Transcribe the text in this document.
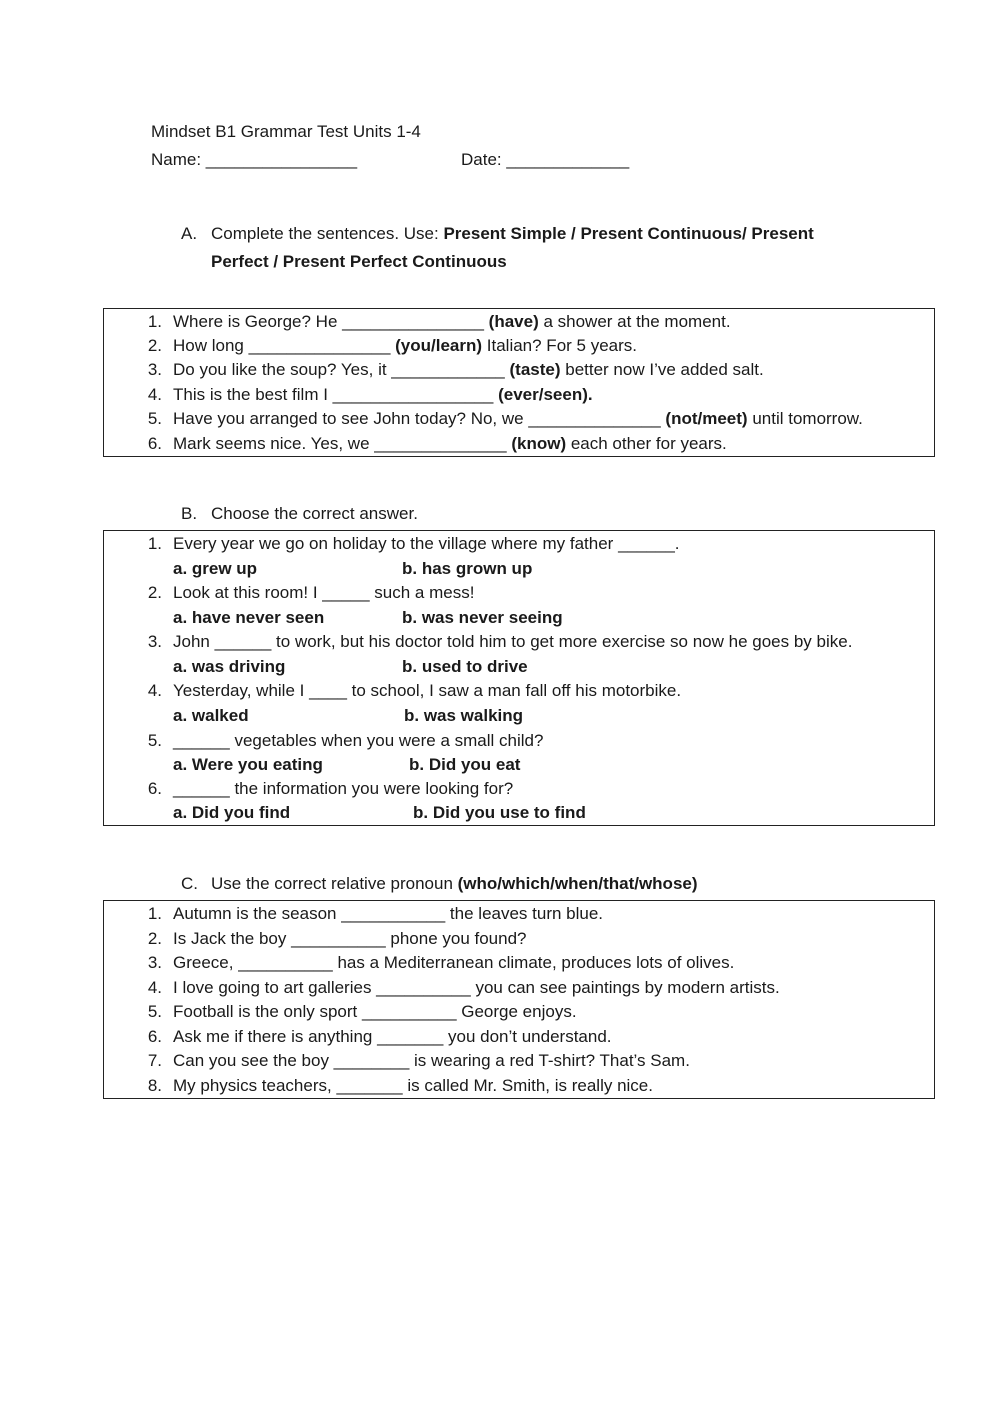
Mindset B1 Grammar Test Units 1-4
Name: ________________	Date: _____________
A. Complete the sentences. Use: Present Simple / Present Continuous/ Present
Perfect / Present Perfect Continuous
1. Where is George? He _______________ (have) a shower at the moment.
2. How long _______________ (you/learn) Italian? For 5 years.
3. Do you like the soup? Yes, it ____________ (taste) better now I’ve added salt.
4. This is the best film I _________________ (ever/seen).
5. Have you arranged to see John today? No, we ______________ (not/meet) until tomorrow.
6. Mark seems nice. Yes, we ______________ (know) each other for years.
B. Choose the correct answer.
1. Every year we go on holiday to the village where my father ______.
a. grew up	b. has grown up
2. Look at this room! I _____ such a mess!
a. have never seen	b. was never seeing
3. John ______ to work, but his doctor told him to get more exercise so now he goes by bike.
a. was driving	b. used to drive
4. Yesterday, while I ____ to school, I saw a man fall off his motorbike.
a. walked	b. was walking
5. ______ vegetables when you were a small child?
a. Were you eating	b. Did you eat
6. ______ the information you were looking for?
a. Did you find	b. Did you use to find
C. Use the correct relative pronoun (who/which/when/that/whose)
1. Autumn is the season ___________ the leaves turn blue.
2. Is Jack the boy __________ phone you found?
3. Greece, __________ has a Mediterranean climate, produces lots of olives.
4. I love going to art galleries __________ you can see paintings by modern artists.
5. Football is the only sport __________ George enjoys.
6. Ask me if there is anything _______ you don’t understand.
7. Can you see the boy ________ is wearing a red T-shirt? That’s Sam.
8. My physics teachers, _______ is called Mr. Smith, is really nice.
